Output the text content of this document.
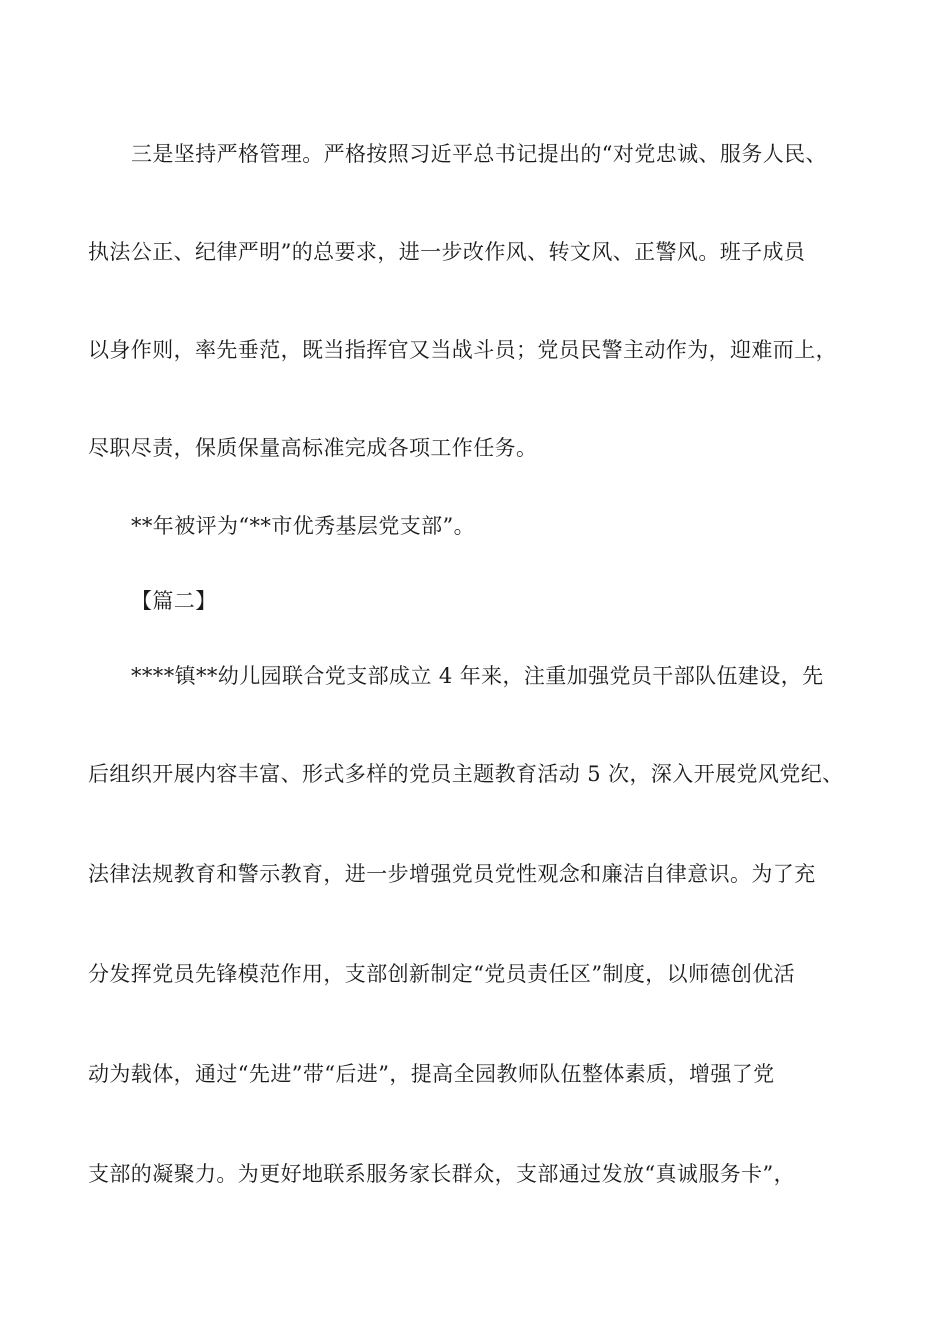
三是坚持严格管理。严格按照习近平总书记提出的“对党忠诚、服务人民、
执法公正、纪律严明”的总要求，进一步改作风、转文风、正警风。班子成员
以身作则，率先垂范，既当指挥官又当战斗员；党员民警主动作为，迎难而上，
尽职尽责，保质保量高标准完成各项工作任务。
**年被评为“**市优秀基层党支部”。
【篇二】
****镇**幼儿园联合党支部成立 4 年来，注重加强党员干部队伍建设，先
后组织开展内容丰富、形式多样的党员主题教育活动 5 次，深入开展党风党纪、
法律法规教育和警示教育，进一步增强党员党性观念和廉洁自律意识。为了充
分发挥党员先锋模范作用，支部创新制定“党员责任区”制度，以师德创优活
动为载体，通过“先进”带“后进”，提高全园教师队伍整体素质，增强了党
支部的凝聚力。为更好地联系服务家长群众，支部通过发放“真诚服务卡”，
